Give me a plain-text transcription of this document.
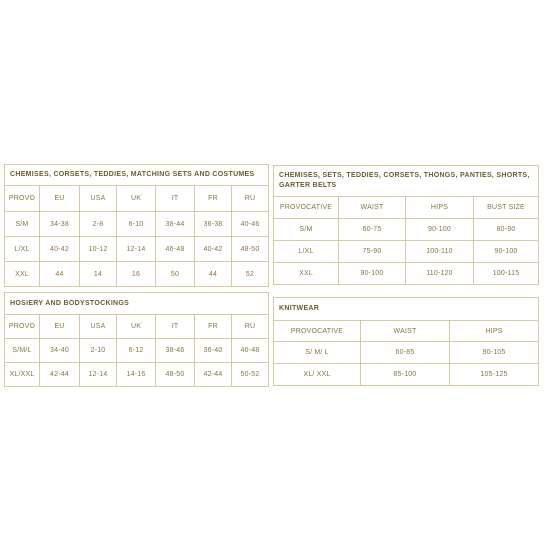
CHEMISES, CORSETS, TEDDIES, MATCHING SETS AND COSTUMES						
PROVO	EU	USA	UK	IT	FR	RU
S/M	34-38	2-8	6-10	38-44	36-38	40-46
L/XL	40-42	10-12	12-14	46-48	40-42	48-50
XXL	44	14	16	50	44	52
CHEMISES, SETS, TEDDIES, CORSETS, THONGS, PANTIES, SHORTS, GARTER BELTS			
PROVOCATIVE	WAIST	HIPS	BUST SIZE
S/M	60-75	90-100	80-90
L/XL	75-90	100-110	90-100
XXL	90-100	110-120	100-115
HOSIERY AND BODYSTOCKINGS						
PROVO	EU	USA	UK	IT	FR	RU
S/M/L	34-40	2-10	6-12	38-46	36-40	40-48
XL/XXL	42-44	12-14	14-16	48-50	42-44	50-52
KNITWEAR		
PROVOCATIVE	WAIST	HIPS
S/ M/ L	60-85	90-105
XL/ XXL	85-100	105-125
